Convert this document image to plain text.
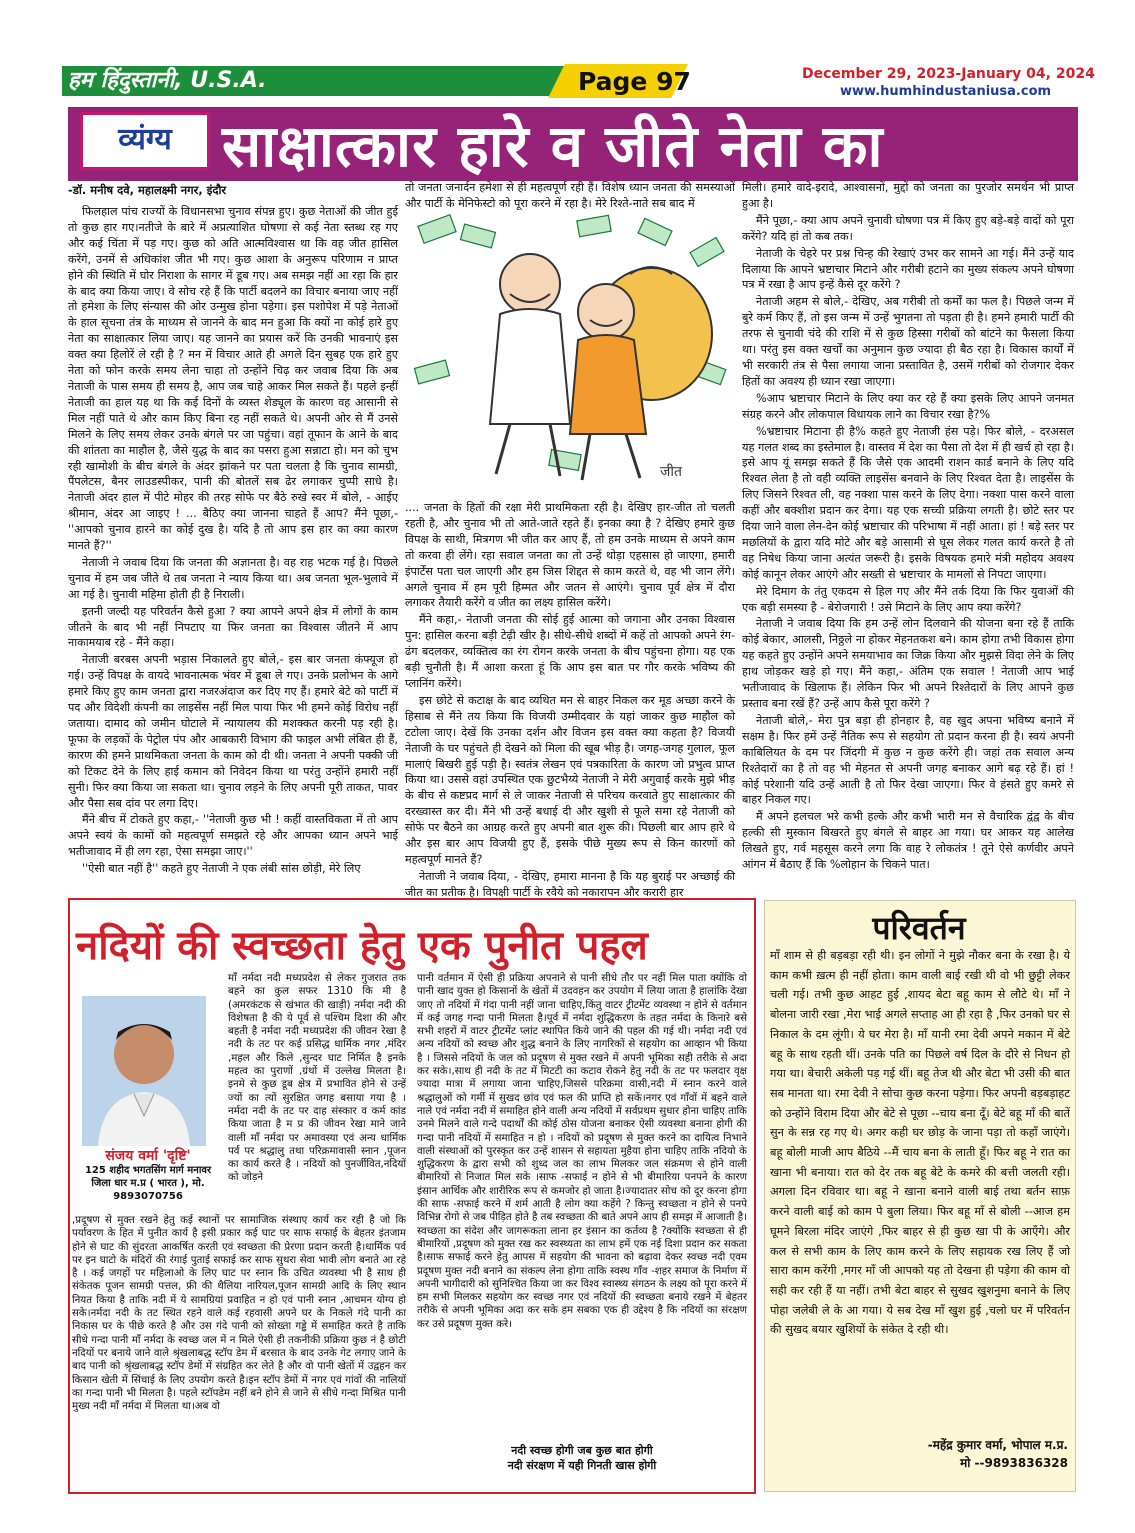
हम हिंदुस्तानी, U.S.A.	Page 97	December 29, 2023-January 04, 2024
www.humhindustaniusa.com
व्यंग्य साक्षात्कार हारे व जीते नेता का
-डॉ. मनीष दवे, महालक्ष्मी नगर, इंदौर

फिलहाल पांच राज्यों के विधानसभा चुनाव संपन्न हुए। कुछ नेताओं की जीत हुई तो कुछ हार गए।नतीजे के बारे में अप्रत्याशित घोषणा से कई नेता स्तब्ध रह गए और कई चिंता में पड़ गए। कुछ को अति आत्मविश्वास था कि वह जीत हासिल करेंगे, उनमें से अधिकांश जीत भी गए। कुछ आशा के अनुरूप परिणाम न प्राप्त होने की स्थिति में घोर निराशा के सागर में डूब गए। अब समझ नहीं आ रहा कि हार के बाद क्या किया जाए। वे सोच रहे हैं कि पार्टी बदलने का विचार बनाया जाए नहीं तो हमेशा के लिए संन्यास की ओर उन्मुख होना पड़ेगा। इस पशोपेश में पड़े नेताओं के हाल सूचना तंत्र के माध्यम से जानने के बाद मन हुआ कि क्यों ना कोई हारे हुए नेता का साक्षात्कार लिया जाए। यह जानने का प्रयास करें कि उनकी भावनाएं इस वक्त क्या हिलोरें ले रही है ? मन में विचार आते ही अगले दिन सुबह एक हारे हुए नेता को फोन करके समय लेना चाहा तो उन्होंने चिढ़ कर जवाब दिया कि अब नेताजी के पास समय ही समय है, आप जब चाहे आकर मिल सकते हैं। पहले इन्हीं नेताजी का हाल यह था कि कई दिनों के व्यस्त शेड्यूल के कारण वह आसानी से मिल नहीं पाते थे और काम किए बिना रह नहीं सकते थे। अपनी ओर से मैं उनसे मिलने के लिए समय लेकर उनके बंगले पर जा पहुंचा। वहां तूफान के आने के बाद की शांतता का माहौल है, जैसे युद्ध के बाद का पसरा हुआ सन्नाटा हो। मन को चुभ रही खामोशी के बीच बंगले के अंदर झांकने पर पता चलता है कि चुनाव सामग्री, पैंपलेटस, बैनर लाउडस्पीकर, पानी की बोतलें सब ढेर लगाकर चुप्पी साधे है। नेताजी अंदर हाल में पीटे मोहर की तरह सोफे पर बैठे रुखे स्वर में बोले, - आईए श्रीमान, अंदर आ जाइए ! ... बैठिए क्या जानना चाहते हैं आप? मैंने पूछा,- ''आपको चुनाव हारने का कोई दुख है। यदि है तो आप इस हार का क्या कारण मानते हैं?''

नेताजी ने जवाब दिया कि जनता की अज्ञानता है। वह राह भटक गई है। पिछले चुनाव में हम जब जीते थे तब जनता ने न्याय किया था। अब जनता भूल-भुलावे में आ गई है। चुनावी महिमा होती ही है निराली।

इतनी जल्दी यह परिवर्तन कैसे हुआ ? क्या आपने अपने क्षेत्र में लोगों के काम जीतने के बाद भी नहीं निपटाए या फिर जनता का विश्वास जीतने में आप नाकामयाब रहे - मैंने कहा।

नेताजी बरबस अपनी भड़ास निकालते हुए बोले,- इस बार जनता कंफ्यूज हो गई। उन्हें विपक्ष के वायदे भावनात्मक भंवर में डूबा ले गए। उनके प्रलोभन के आगे हमारे किए हुए काम जनता द्वारा नजरअंदाज कर दिए गए हैं। हमारे बेटे को पार्टी में पद और विदेशी कंपनी का लाइसेंस नहीं मिल पाया फिर भी हमने कोई विरोध नहीं जताया। दामाद को जमीन घोटाले में न्यायालय की मशक्कत करनी पड़ रही है। फूफा के लड़कों के पेट्रोल पंप और आबकारी विभाग की फाइल अभी लंबित ही हैं, कारण की हमने प्राथमिकता जनता के काम को दी थी। जनता ने अपनी पक्की जी को टिकट देने के लिए हाई कमान को निवेदन किया था परंतु उन्होंने हमारी नहीं सुनी। फिर क्या किया जा सकता था। चुनाव लड़ने के लिए अपनी पूरी ताकत, पावर और पैसा सब दांव पर लगा दिए।

मैंने बीच में टोकते हुए कहा,- ''नेताजी कुछ भी ! कहीं वास्तविकता में तो आप अपने स्वयं के कामों को महत्वपूर्ण समझते रहे और आपका ध्यान अपने भाई भतीजावाद में ही लग रहा, ऐसा समझा जाए।''

''ऐसी बात नहीं है'' कहते हुए नेताजी ने एक लंबी सांस छोड़ी, मेरे लिए

तो जनता जनार्दन हमेशा से ही महत्वपूर्ण रही हैं। विशेष ध्यान जनता की समस्याओं और पार्टी के मेनिफेस्टो को पूरा करने में रहा है। मेरे रिश्ते-नाते सब बाद में

जीत

.... जनता के हितों की रक्षा मेरी प्राथमिकता रही है। देखिए हार-जीत तो चलती रहती है, और चुनाव भी तो आते-जाते रहते हैं। इनका क्या है ? देखिए हमारे कुछ विपक्ष के साथी, मित्रगण भी जीत कर आए हैं, तो हम उनके माध्यम से अपने काम तो करवा ही लेंगे। रहा सवाल जनता का तो उन्हें थोड़ा एहसास हो जाएगा, हमारी इंपार्टेंस पता चल जाएगी और हम जिस शिद्दत से काम करते थे, वह भी जान लेंगे। अगले चुनाव में हम पूरी हिम्मत और जतन से आएंगे। चुनाव पूर्व क्षेत्र में दौरा लगाकर तैयारी करेंगे व जीत का लक्ष्य हासिल करेंगे।

मैंने कहा,- नेताजी जनता की सोई हुई आत्मा को जगाना और उनका विश्वास पुन: हासिल करना बड़ी टेढ़ी खीर है। सीधे-सीधे शब्दों में कहें तो आपको अपने रंग-ढंग बदलकर, व्यक्तित्व का रंग रोगन करके जनता के बीच पहुंचना होगा। यह एक बड़ी चुनौती है। मैं आशा करता हूं कि आप इस बात पर गौर करके भविष्य की प्लानिंग करेंगे।

इस छोटे से कटाक्ष के बाद व्यथित मन से बाहर निकल कर मूड अच्छा करने के हिसाब से मैंने तय किया कि विजयी उम्मीदवार के यहां जाकर कुछ माहौल को टटोला जाए। देखें कि उनका दर्शन और विजन इस वक्त क्या कहता है? विजयी नेताजी के घर पहुंचते ही देखने को मिला की खूब भीड़ है। जगह-जगह गुलाल, फूल मालाएं बिखरी हुई पड़ी है। स्वतंत्र लेखन एवं पत्रकारिता के कारण जो प्रभुत्व प्राप्त किया था। उससे वहां उपस्थित एक छुटभैय्ये नेताजी ने मेरी अगुवाई करके मुझे भीड़ के बीच से कष्टप्रद मार्ग से ले जाकर नेताजी से परिचय करवाते हुए साक्षात्कार की दरख्वास्त कर दी। मैंने भी उन्हें बधाई दी और खुशी से फूले समा रहे नेताजी को सोफे पर बैठने का आग्रह करते हुए अपनी बात शुरू की। पिछली बार आप हारे थे और इस बार आप विजयी हुए हैं, इसके पीछे मुख्य रूप से किन कारणों को महत्वपूर्ण मानते हैं?

नेताजी ने जवाब दिया, - देखिए, हमारा मानना है कि यह बुराई पर अच्छाई की जीत का प्रतीक है। विपक्षी पार्टी के रवैये को नकारापन और करारी हार

मिली। हमारे वादे-इरादे, आश्वासनों, मुद्दों को जनता का पुरजोर समर्थन भी प्राप्त हुआ है।

मैंने पूछा,- क्या आप अपने चुनावी घोषणा पत्र में किए हुए बड़े-बड़े वादों को पूरा करेंगे? यदि हां तो कब तक।

नेताजी के चेहरे पर प्रश्न चिन्ह की रेखाएं उभर कर सामने आ गई। मैंने उन्हें याद दिलाया कि आपने भ्रष्टाचार मिटाने और गरीबी हटाने का मुख्य संकल्प अपने घोषणा पत्र में रखा है आप इन्हें कैसे दूर करेंगे ?

नेताजी अहम से बोले,- देखिए, अब गरीबी तो कर्मों का फल है। पिछले जन्म में बुरे कर्म किए हैं, तो इस जन्म में उन्हें भुगतना तो पड़ता ही है। हमने हमारी पार्टी की तरफ से चुनावी चंदे की राशि में से कुछ हिस्सा गरीबों को बांटने का फैसला किया था। परंतु इस वक्त खर्चों का अनुमान कुछ ज्यादा ही बैठ रहा है। विकास कार्यों में भी सरकारी तंत्र से पैसा लगाया जाना प्रस्तावित है, उसमें गरीबों को रोजगार देकर हितों का अवश्य ही ध्यान रखा जाएगा।

%आप भ्रष्टाचार मिटाने के लिए क्या कर रहे हैं क्या इसके लिए आपने जनमत संग्रह करने और लोकपाल विधायक लाने का विचार रखा है?%

%भ्रष्टाचार मिटाना ही है% कहते हुए नेताजी हंस पड़े। फिर बोले, - दरअसल यह गलत शब्द का इस्तेमाल है। वास्तव में देश का पैसा तो देश में ही खर्च हो रहा है। इसे आप यूं समझ सकते हैं कि जैसे एक आदमी राशन कार्ड बनाने के लिए यदि रिश्वत लेता है तो वही व्यक्ति लाइसेंस बनवाने के लिए रिश्वत देता है। लाइसेंस के लिए जिसने रिश्वत ली, वह नक्शा पास करने के लिए देगा। नक्शा पास करने वाला कहीं और बक्शीश प्रदान कर देगा। यह एक सच्ची प्रक्रिया लगती है। छोटे स्तर पर दिया जाने वाला लेन-देन कोई भ्रष्टाचार की परिभाषा में नहीं आता। हां ! बड़े स्तर पर मछलियों के द्वारा यदि मोटे और बड़े आसामी से घूस लेकर गलत कार्य करते है तो वह निषेध किया जाना अत्यंत जरूरी है। इसके विषयक हमारे मंत्री महोदय अवश्य कोई कानून लेकर आएंगे और सख्ती से भ्रष्टाचार के मामलों से निपटा जाएगा।

मेरे दिमाग के तंतु एकदम से हिल गए और मैंने तर्क दिया कि फिर युवाओं की एक बड़ी समस्या है - बेरोजगारी ! उसे मिटाने के लिए आप क्या करेंगे?

नेताजी ने जवाब दिया कि हम उन्हें लोन दिलवाने की योजना बना रहे हैं ताकि कोई बेकार, आलसी, निठ्ठले ना होकर मेहनतकश बने। काम होगा तभी विकास होगा यह कहते हुए उन्होंने अपने समयाभाव का जिक्र किया और मुझसे विदा लेने के लिए हाथ जोड़कर खड़े हो गए। मैंने कहा,- अंतिम एक सवाल ! नेताजी आप भाई भतीजावाद के खिलाफ हैं। लेकिन फिर भी अपने रिश्तेदारों के लिए आपने कुछ प्रस्ताव बना रखें हैं? उन्हें आप कैसे पूरा करेंगे ?

नेताजी बोले,- मेरा पुत्र बड़ा ही होनहार है, वह खुद अपना भविष्य बनाने में सक्षम है। फिर हमें उन्हें नैतिक रूप से सहयोग तो प्रदान करना ही है। स्वयं अपनी काबिलियत के दम पर जिंदगी में कुछ न कुछ करेंगे ही। जहां तक सवाल अन्य रिश्तेदारों का है तो वह भी मेहनत से अपनी जगह बनाकर आगे बढ़ रहे हैं। हां ! कोई परेशानी यदि उन्हें आती है तो फिर देखा जाएगा। फिर वे हंसते हुए कमरे से बाहर निकल गए।

मैं अपने हलचल भरे कभी हल्के और कभी भारी मन से वैचारिक द्वंद्व के बीच हल्की सी मुस्कान बिखरते हुए बंगले से बाहर आ गया। घर आकर यह आलेख लिखते हुए, गर्व महसूस करने लगा कि वाह रे लोकतंत्र ! तूने ऐसे कर्णवीर अपने आंगन में बैठाए हैं कि %लोहान के चिकने पात।

नदियों की स्वच्छता हेतु एक पुनीत पहल
संजय वर्मा 'दृष्टि'
125 शहीद भगतसिंग मार्ग मनावर जिला धार म.प्र ( भारत ), मो. 9893070756
माँ नर्मदा नदी मध्यप्रदेश से लेकर गुजरात तक बहने का कुल सफर 1310 कि मी है (अमरकंटक से खंभात की खाड़ी) नर्मदा नदी की विशेषता है की ये पूर्व से पश्चिम दिशा की और बहती है नर्मदा नदी मध्यप्रदेश की जीवन रेखा है नदी के तट पर कई प्रसिद्ध धार्मिक नगर ,मंदिर ,महल और किले ,सुन्दर घाट निर्मित है इनके महत्व का पुराणों ,ग्रंथों में उल्लेख मिलता है। इनमे से कुछ डूब क्षेत्र में प्रभावित होने से उन्हें ज्यों का त्यों सुरक्षित जगह बसाया गया है । नर्मदा नदी के तट पर दाह संस्कार व कर्म कांड किया जाता है म प्र की जीवन रेखा माने जाने वाली माँ नर्मदा पर अमावस्या एवं अन्य धार्मिक पर्व पर श्रद्धालु तथा परिक्रमावासी स्नान ,पूजन का कार्य करते है । नदियों को पुनर्जीवित,नदियों को जोड़ने
,प्रदूषण से मुक्त रखने हेतु कई स्थानों पर सामाजिक संस्थाए कार्य कर रही है जो कि पर्यावरण के हित में पुनीत कार्य है इसी प्रकार कई घाट पर साफ सफाई के बेहतर इंतजाम होने से घाट की सुंदरता आकर्षित करती एवं स्वच्छता की प्रेरणा प्रदान करती है।धार्मिक पर्व पर इन घाटो के मंदिरों की रंगाई पुताई सफाई कर साफ सुथरा सेवा भावी लोग बनाते आ रहे है । कई जगहों पर महिलाओ के लिए घाट पर स्नान कि उचित व्यवस्था भी है साथ ही संकेतक पूजन सामग्री पत्तल, फ्री की थैलिया नारियल,पूजन सामग्री आदि के लिए स्थान नियत किया है ताकि नदी में ये सामग्रियां प्रवाहित न हो एवं पानी स्नान ,आचमन योग्य हो सके।नर्मदा नदी के तट स्थित रहने वाले कई रहवासी अपने घर के निकले गंदे पानी का निकास घर के पीछे करते है और उस गंदे पानी को सोख्ता गड्ढे में समाहित करते है ताकि सीधे गन्दा पानी माँ नर्मदा के स्वच्छ जल में न मिले ऐसी ही तकनीकी प्रक्रिया कुछ नं है छोटी नदियों पर बनाये जाने वाले श्रृंखलाबद्ध स्टॉप डेम में बरसात के बाद उनके गेट लगाए जाने के बाद पानी को श्रृंखलाबद्ध स्टॉप डेमों में संग्रहित कर लेते है और वो पानी खेतों में उद्वहन कर किसान खेती में सिंचाई के लिए उपयोग करते है।इन स्टॉप डेमों में नगर एवं गांवों की नालियों का गन्दा पानी भी मिलता है। पहले स्टॉपडेम नहीं बने होने से जाने से सीधे गन्दा मिश्रित पानी मुख्य नदी माँ नर्मदा में मिलता था।अब वो
पानी वर्तमान में ऐसी ही प्रक्रिया अपनाने से पानी सीधे तौर पर नहीं मिल पाता क्योंकि वो पानी खाद युक्त हो किसानों के खेतों में उदवहन कर उपयोग में लिया जाता है हालांकि देखा जाए तो नदियों में गंदा पानी नहीं जाना चाहिए,किंतु वाटर ट्रीटमेंट व्यवस्था न होने से वर्तमान में कई जगह गन्दा पानी मिलता है।पूर्व में नर्मदा शुद्धिकरण के तहत नर्मदा के किनारे बसे सभी शहरों में वाटर ट्रीटमेंट प्लांट स्थापित किये जाने की पहल की गई थी। नर्मदा नदी एवं अन्य नदियों को स्वच्छ और शुद्ध बनाने के लिए नागरिकों से सहयोग का आव्हान भी किया है । जिससे नदियों के जल को प्रदूषण से मुक्त रखने में अपनी भूमिका सही तरीके से अदा कर सके।,साथ ही नदी के तट में मिटटी का कटाव रोकने हेतु नदी के तट पर फलदार वृक्ष ज्यादा मात्रा में लगाया जाना चाहिए,जिससे परिक्रमा वासी,नदी में स्नान करने वाले श्रद्धालुओं को गर्मी में सुखद छांव एवं फल की प्राप्ति हो सकें।नगर एवं गाँवों में बहने वाले नाले एवं नर्मदा नदी में समाहित होने वाली अन्य नदियों में सर्वप्रथम सुधार होना चाहिए ताकि उनमे मिलने वाले गन्दे पदार्थों की कोई ठोस योजना बनाकर ऐसी व्यवस्था बनाना होगी की गन्दा पानी नदियों में समाहित न हो । नदियों को प्रदूषण से मुक्त करने का दायित्व निभाने वाली संस्थाओं को पुरस्कृत कर उन्हें शासन से सहायता मुहैया होना चाहिए ताकि नदियो के शुद्धिकरण के द्वारा सभी को शुध्द जल का लाभ मिलकर जल संक्रमण से होने वाली बीमारियों से निजात मिल सके ।साफ -सफाई न होने से भी बीमारिया पनपने के कारण इंसान आर्थिक और शारीरिक रूप से कमजोर हो जाता है।ज्यादातर सोच को दूर करना होगा की साफ -सफाई करने में शर्म आती है लोग क्या कहेंगे ? किन्तु स्वच्छता न होने से पनपे विभिन्न रोगो से जब पीड़ित होते है तब स्वच्छता की बाते अपने आप ही समझ में आजाती है। स्वच्छता का संदेश और जागरूकता लाना हर इंसान का कर्तव्य है ?क्योंकि स्वच्छता से ही बीमारियों ,प्रदूषण को मुक्त रख कर स्वस्थ्यता का लाभ हमें एक नई दिशा प्रदान कर सकता है।साफ सफाई करने हेतु आपस में सहयोग की भावना को बढ़ावा देकर स्वच्छ नदी एवम प्रदूषण मुक्त नदी बनाने का संकल्प लेना होगा ताकि स्वस्थ गाँव -शहर समाज के निर्माण में अपनी भागीदारी को सुनिश्चित किया जा कर विश्व स्वास्थ्य संगठन के लक्ष्य को पूरा करने में हम सभी मिलकर सहयोग कर स्वच्छ नगर एवं नदियों की स्वच्छता बनाये रखने में बेहतर तरीके से अपनी भूमिका अदा कर सके हम सबका एक ही उद्देश्य है कि नदियों का संरक्षण कर उसे प्रदूषण मुक्त करे।
नदी स्वच्छ होगी जब कुछ बात होगी
नदी संरक्षण में यही गिनती खास होगी
परिवर्तन
माँ शाम से ही बड़बड़ा रही थी। इन लोगों ने मुझे नौकर बना के रखा है। ये काम कभी ख़त्म ही नहीं होता। काम वाली बाई रखी थी वो भी छुट्टी लेकर चली गई। तभी कुछ आहट हुई ,शायद बेटा बहू काम से लौटे थे। माँ ने बोलना जारी रखा ,मेरा भाई अगले सप्ताह आ ही रहा है ,फिर उनको घर से निकाल के दम लूंगी। ये घर मेरा है। माँ यानी रमा देवी अपने मकान में बेटे बहू के साथ रहती थीं। उनके पति का पिछले वर्ष दिल के दौरे से निधन हो गया था। बेचारी अकेली पड़ गई थीं। बहू तेज थी और बेटा भी उसी की बात सब मानता था। रमा देवी ने सोचा कुछ करना पड़ेगा। फिर अपनी बड़बड़ाहट को उन्होंने विराम दिया और बेटे से पूछा --चाय बना दूँ। बेटे बहू माँ की बातें सुन के सन्न रह गए थे। अगर कही घर छोड़ के जाना पड़ा तो कहाँ जाएंगे। बहू बोली माजी आप बैठिये --मैं चाय बना के लाती हूँ। फिर बहू ने रात का खाना भी बनाया। रात को देर तक बहू बेटे के कमरे की बत्ती जलती रही। अगला दिन रविवार था। बहू ने खाना बनाने वाली बाई तथा बर्तन साफ़ करने वाली बाई को काम पे बुला लिया। फिर बहू माँ से बोली --आज हम घूमने बिरला मंदिर जाएंगे ,फिर बाहर से ही कुछ खा पी के आएँगे। और कल से सभी काम के लिए काम करने के लिए सहायक रख लिए हैं जो सारा काम करेंगी ,मगर माँ जी आपको यह तो देखना ही पड़ेगा की काम वो सही कर रही हैं या नहीं। तभी बेटा बाहर से सुखद खुशनुमा बनाने के लिए पोहा जलेबी ले के आ गया। ये सब देख माँ खुश हुई ,चलो घर में परिवर्तन की सुखद बयार खुशियों के संकेत दे रही थी।
-महेंद्र कुमार वर्मा, भोपाल म.प्र.
मो --9893836328
